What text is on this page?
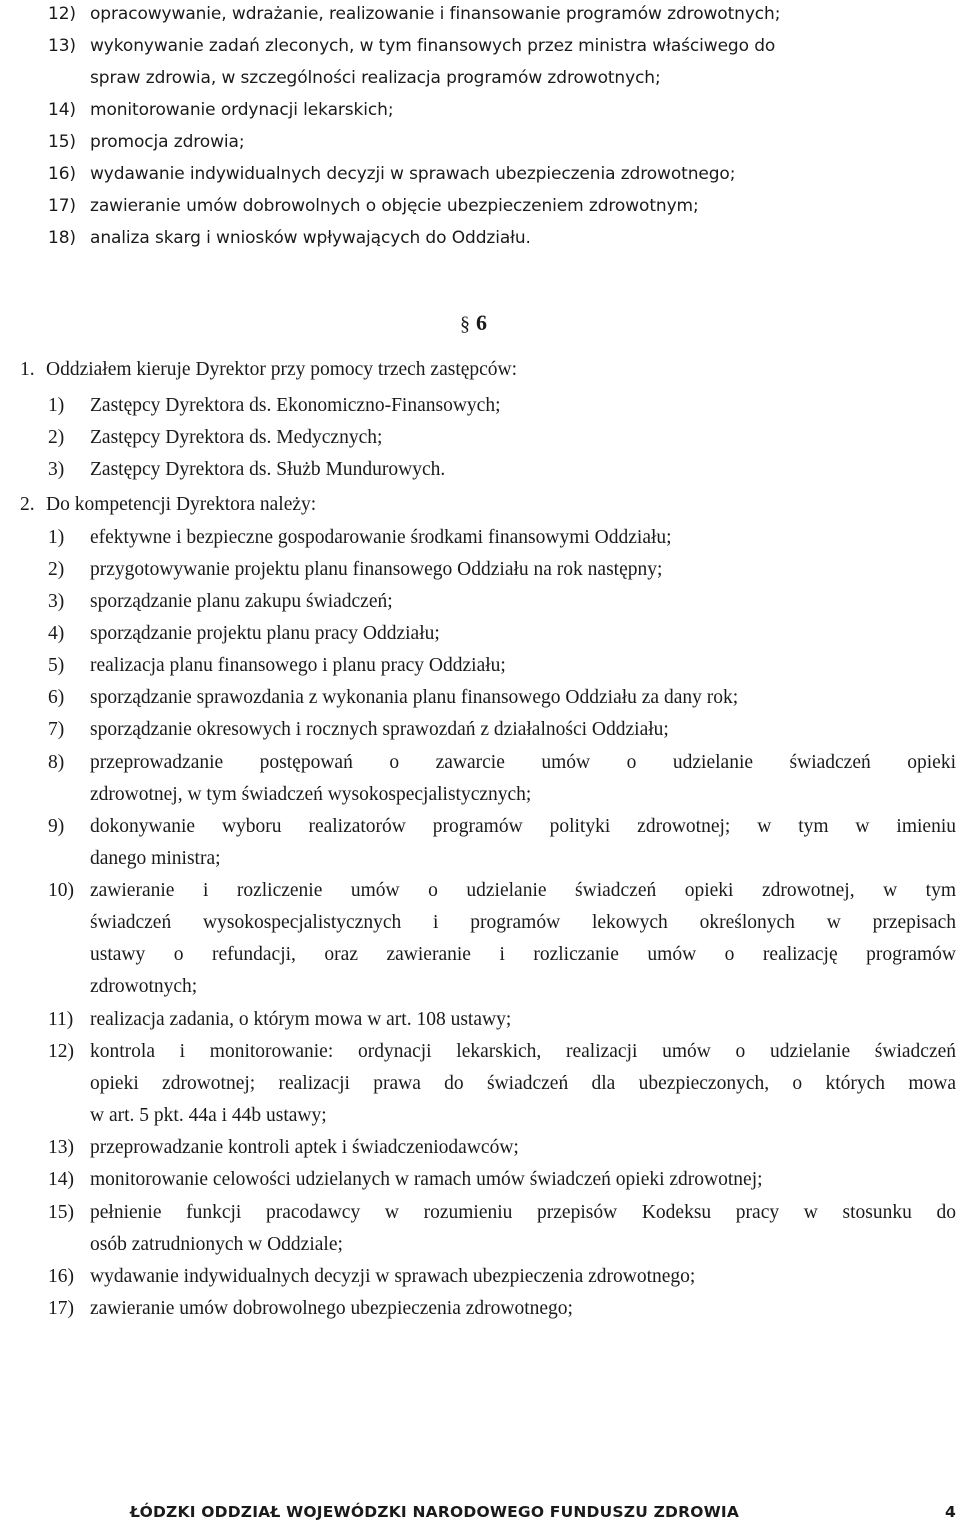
12) opracowywanie, wdrażanie, realizowanie i finansowanie programów zdrowotnych;
13) wykonywanie zadań zleconych, w tym finansowych przez ministra właściwego do
spraw zdrowia, w szczególności realizacja programów zdrowotnych;
14) monitorowanie ordynacji lekarskich;
15) promocja zdrowia;
16) wydawanie indywidualnych decyzji w sprawach ubezpieczenia zdrowotnego;
17) zawieranie umów dobrowolnych o objęcie ubezpieczeniem zdrowotnym;
18) analiza skarg i wniosków wpływających do Oddziału.
§ 6
1. Oddziałem kieruje Dyrektor przy pomocy trzech zastępców:
1) Zastępcy Dyrektora ds. Ekonomiczno-Finansowych;
2) Zastępcy Dyrektora ds. Medycznych;
3) Zastępcy Dyrektora ds. Służb Mundurowych.
2. Do kompetencji Dyrektora należy:
1) efektywne i bezpieczne gospodarowanie środkami finansowymi Oddziału;
2) przygotowywanie projektu planu finansowego Oddziału na rok następny;
3) sporządzanie planu zakupu świadczeń;
4) sporządzanie projektu planu pracy Oddziału;
5) realizacja planu finansowego i planu pracy Oddziału;
6) sporządzanie sprawozdania z wykonania planu finansowego Oddziału za dany rok;
7) sporządzanie okresowych i rocznych sprawozdań z działalności Oddziału;
8) przeprowadzanie postępowań o zawarcie umów o udzielanie świadczeń opieki
zdrowotnej, w tym świadczeń wysokospecjalistycznych;
9) dokonywanie wyboru realizatorów programów polityki zdrowotnej; w tym w imieniu
danego ministra;
10) zawieranie i rozliczenie umów o udzielanie świadczeń opieki zdrowotnej, w tym
świadczeń wysokospecjalistycznych i programów lekowych określonych w przepisach
ustawy o refundacji, oraz zawieranie i rozliczanie umów o realizację programów
zdrowotnych;
11) realizacja zadania, o którym mowa w art. 108 ustawy;
12) kontrola i monitorowanie: ordynacji lekarskich, realizacji umów o udzielanie świadczeń
opieki zdrowotnej; realizacji prawa do świadczeń dla ubezpieczonych, o których mowa
w art. 5 pkt. 44a i 44b ustawy;
13) przeprowadzanie kontroli aptek i świadczeniodawców;
14) monitorowanie celowości udzielanych w ramach umów świadczeń opieki zdrowotnej;
15) pełnienie funkcji pracodawcy w rozumieniu przepisów Kodeksu pracy w stosunku do
osób zatrudnionych w Oddziale;
16) wydawanie indywidualnych decyzji w sprawach ubezpieczenia zdrowotnego;
17) zawieranie umów dobrowolnego ubezpieczenia zdrowotnego;
ŁÓDZKI ODDZIAŁ WOJEWÓDZKI NARODOWEGO FUNDUSZU ZDROWIA	4
